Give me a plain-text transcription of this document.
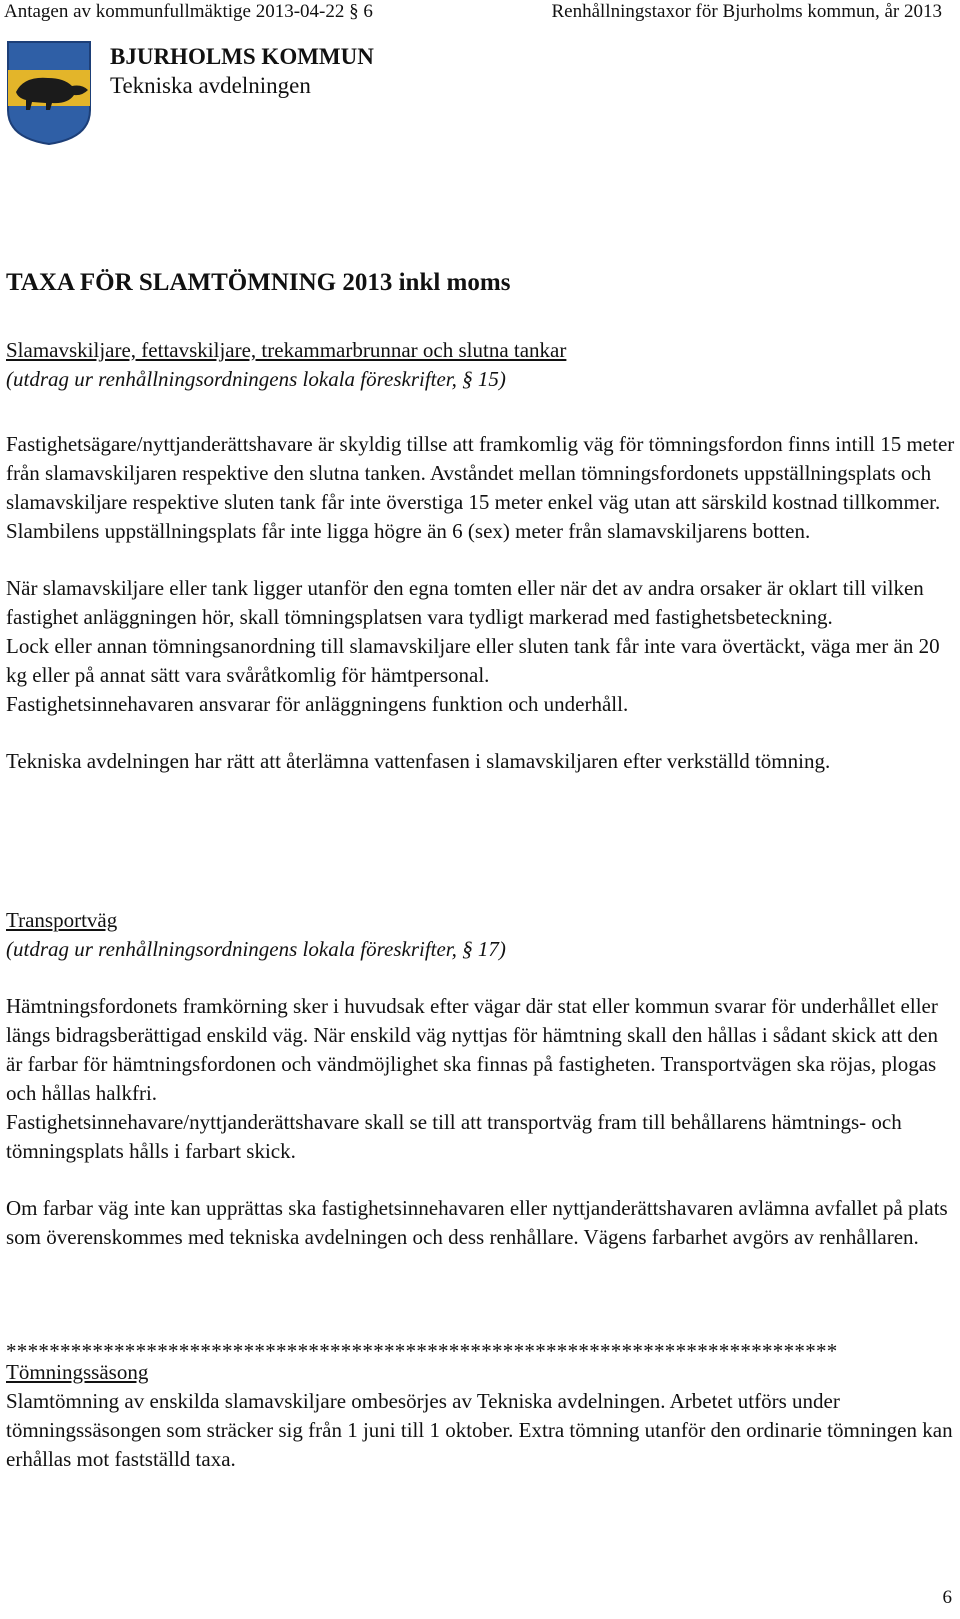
Antagen av kommunfullmäktige 2013-04-22 § 6	Renhållningstaxor för Bjurholms kommun, år 2013
BJURHOLMS KOMMUN
Tekniska avdelningen
TAXA FÖR SLAMTÖMNING 2013 inkl moms

Slamavskiljare, fettavskiljare, trekammarbrunnar och slutna tankar

(utdrag ur renhållningsordningens lokala föreskrifter, § 15)

Fastighetsägare/nyttjanderättshavare är skyldig tillse att framkomlig väg för tömningsfordon finns intill 15 meter från slamavskiljaren respektive den slutna tanken. Avståndet mellan tömningsfordonets uppställningsplats och slamavskiljare respektive sluten tank får inte överstiga 15 meter enkel väg utan att särskild kostnad tillkommer. Slambilens uppställningsplats får inte ligga högre än 6 (sex) meter från slamavskiljarens botten.

När slamavskiljare eller tank ligger utanför den egna tomten eller när det av andra orsaker är oklart till vilken fastighet anläggningen hör, skall tömningsplatsen vara tydligt markerad med fastighetsbeteckning.

Lock eller annan tömningsanordning till slamavskiljare eller sluten tank får inte vara övertäckt, väga mer än 20 kg eller på annat sätt vara svåråtkomlig för hämtpersonal.

Fastighetsinnehavaren ansvarar för anläggningens funktion och underhåll.

Tekniska avdelningen har rätt att återlämna vattenfasen i slamavskiljaren efter verkställd tömning.

Transportväg

(utdrag ur renhållningsordningens lokala föreskrifter, § 17)

Hämtningsfordonets framkörning sker i huvudsak efter vägar där stat eller kommun svarar för underhållet eller längs bidragsberättigad enskild väg. När enskild väg nyttjas för hämtning skall den hållas i sådant skick att den är farbar för hämtningsfordonen och vändmöjlighet ska finnas på fastigheten. Transportvägen ska röjas, plogas och hållas halkfri.

Fastighetsinnehavare/nyttjanderättshavare skall se till att transportväg fram till behållarens hämtnings- och tömningsplats hålls i farbart skick.

Om farbar väg inte kan upprättas ska fastighetsinnehavaren eller nyttjanderättshavaren avlämna avfallet på plats som överenskommes med tekniska avdelningen och dess renhållare. Vägens farbarhet avgörs av renhållaren.

*****************************************************************************

Tömningssäsong

Slamtömning av enskilda slamavskiljare ombesörjes av Tekniska avdelningen. Arbetet utförs under tömningssäsongen som sträcker sig från 1 juni till 1 oktober. Extra tömning utanför den ordinarie tömningen kan erhållas mot fastställd taxa.

6
